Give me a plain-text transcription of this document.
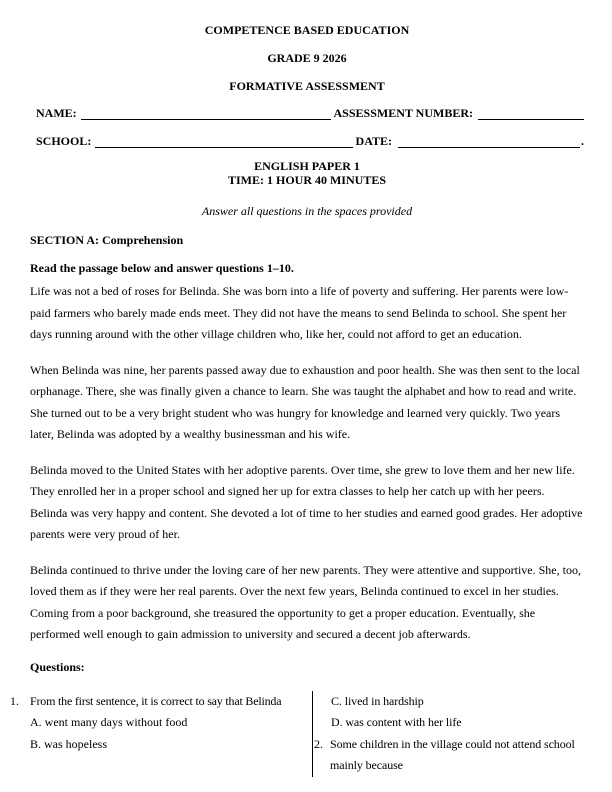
COMPETENCE BASED EDUCATION
GRADE 9 2026
FORMATIVE ASSESSMENT
NAME:	ASSESSMENT NUMBER:
SCHOOL:	DATE:	.
ENGLISH PAPER 1
TIME: 1 HOUR 40 MINUTES
Answer all questions in the spaces provided
SECTION A: Comprehension
Read the passage below and answer questions 1–10.

Life was not a bed of roses for Belinda. She was born into a life of poverty and suffering. Her parents were low-paid farmers who barely made ends meet. They did not have the means to send Belinda to school. She spent her days running around with the other village children who, like her, could not afford to get an education.

When Belinda was nine, her parents passed away due to exhaustion and poor health. She was then sent to the local orphanage. There, she was finally given a chance to learn. She was taught the alphabet and how to read and write. She turned out to be a very bright student who was hungry for knowledge and learned very quickly. Two years later, Belinda was adopted by a wealthy businessman and his wife.

Belinda moved to the United States with her adoptive parents. Over time, she grew to love them and her new life. They enrolled her in a proper school and signed her up for extra classes to help her catch up with her peers. Belinda was very happy and content. She devoted a lot of time to her studies and earned good grades. Her adoptive parents were very proud of her.

Belinda continued to thrive under the loving care of her new parents. They were attentive and supportive. She, too, loved them as if they were her real parents. Over the next few years, Belinda continued to excel in her studies. Coming from a poor background, she treasured the opportunity to get a proper education. Eventually, she performed well enough to gain admission to university and secured a decent job afterwards.

Questions:
1. From the first sentence, it is correct to say that Belinda
A. went many days without food
B. was hopeless
C. lived in hardship
D. was content with her life
2. Some children in the village could not attend school mainly because
